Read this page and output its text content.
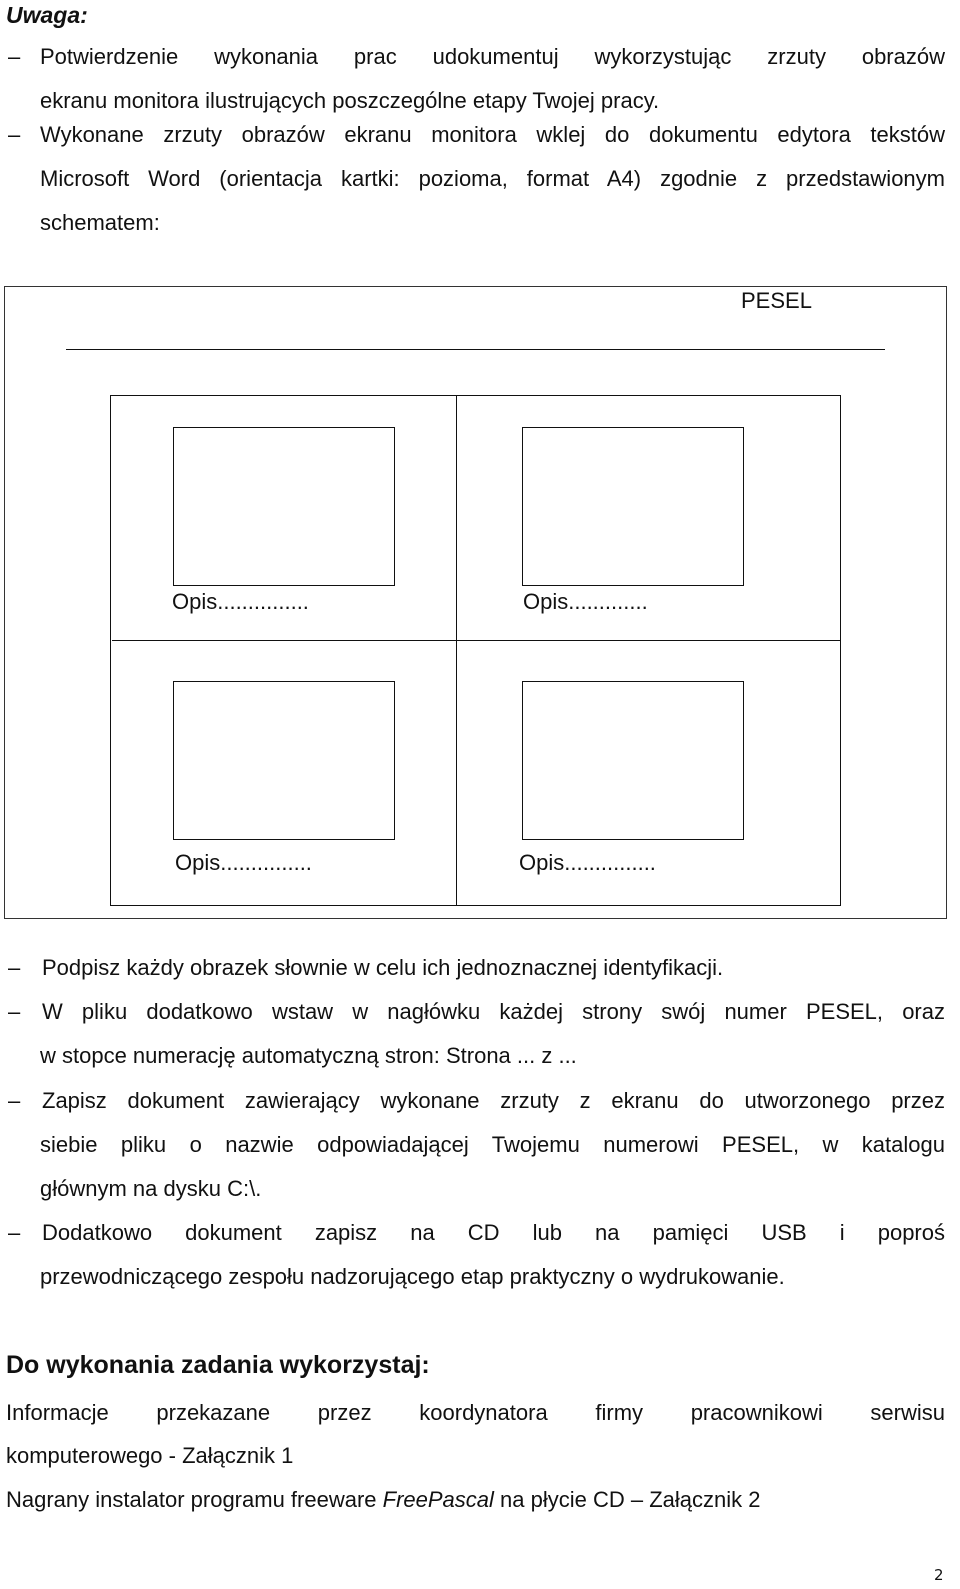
Uwaga:
– Potwierdzenie wykonania prac udokumentuj wykorzystując zrzuty obrazów
ekranu monitora ilustrujących poszczególne etapy Twojej pracy.
– Wykonane zrzuty obrazów ekranu monitora wklej do dokumentu edytora tekstów
Microsoft Word (orientacja kartki: pozioma, format A4) zgodnie z przedstawionym
schematem:
PESEL
Opis...............	Opis.............
Opis...............	Opis...............
– Podpisz każdy obrazek słownie w celu ich jednoznacznej identyfikacji.
– W pliku dodatkowo wstaw w nagłówku każdej strony swój numer PESEL, oraz
w stopce numerację automatyczną stron: Strona ... z ...
– Zapisz dokument zawierający wykonane zrzuty z ekranu do utworzonego przez
siebie pliku o nazwie odpowiadającej Twojemu numerowi PESEL, w katalogu
głównym na dysku C:\.
– Dodatkowo dokument zapisz na CD lub na pamięci USB i poproś
przewodniczącego zespołu nadzorującego etap praktyczny o wydrukowanie.
Do wykonania zadania wykorzystaj:
Informacje przekazane przez koordynatora firmy pracownikowi serwisu
komputerowego - Załącznik 1
Nagrany instalator programu freeware FreePascal na płycie CD – Załącznik 2
2
